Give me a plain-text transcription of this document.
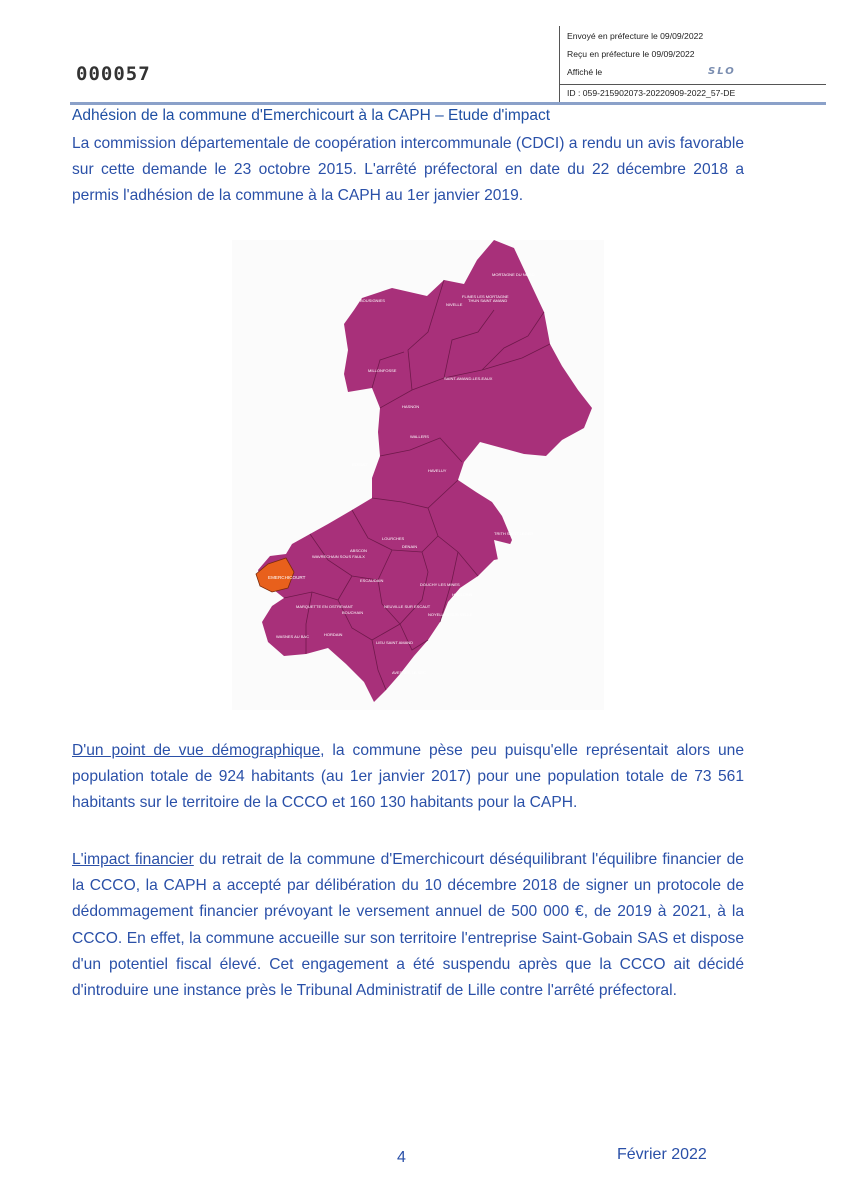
Envoyé en préfecture le 09/09/2022
Reçu en préfecture le 09/09/2022
Affiché le	SLO
ID : 059-215902073-20220909-2022_57-DE
000057
Adhésion de la commune d'Emerchicourt à la CAPH – Etude d'impact
La commission départementale de coopération intercommunale (CDCI) a rendu un avis favorable sur cette demande le 23 octobre 2015. L'arrêté préfectoral en date du 22 décembre 2018 a permis l'adhésion de la commune à la CAPH au 1er janvier 2019.
EMERCHICOURT
SAINT-AMAND-LES-EAUX
TRITH SAINT LEGER
DENAIN
HAVELUY
WALLERS
HASNON
ABSCON
LOURCHES
DOUCHY LES MINES
ESCAUDAIN
NEUVILLE SUR ESCAUT
NOYELLES SUR SELLE
HAULCHIN
BOUCHAIN
WAVRECHAIN SOUS FAULX
MARQUETTE EN OSTREVANT
HORDAIN
LIEU SAINT AMAND
AVESNES LE SEC
WASNES AU BAC
MORTAGNE DU NORD
FLINES LES MORTAGNE
NIVELLE
THUN SAINT AMAND
ROSULT
MILLONFOSSE
BOUSIGNIES
D'un point de vue démographique, la commune pèse peu puisqu'elle représentait alors une population totale de 924 habitants (au 1er janvier 2017) pour une population totale de 73 561 habitants sur le territoire de la CCCO et 160 130 habitants pour la CAPH.
L'impact financier du retrait de la commune d'Emerchicourt déséquilibrant l'équilibre financier de la CCCO, la CAPH a accepté par délibération du 10 décembre 2018 de signer un protocole de dédommagement financier prévoyant le versement annuel de 500 000 €, de 2019 à 2021, à la CCCO. En effet, la commune accueille sur son territoire l'entreprise Saint-Gobain SAS et dispose d'un potentiel fiscal élevé. Cet engagement a été suspendu après que la CCCO ait décidé d'introduire une instance près le Tribunal Administratif de Lille contre l'arrêté préfectoral.
4	Février 2022
